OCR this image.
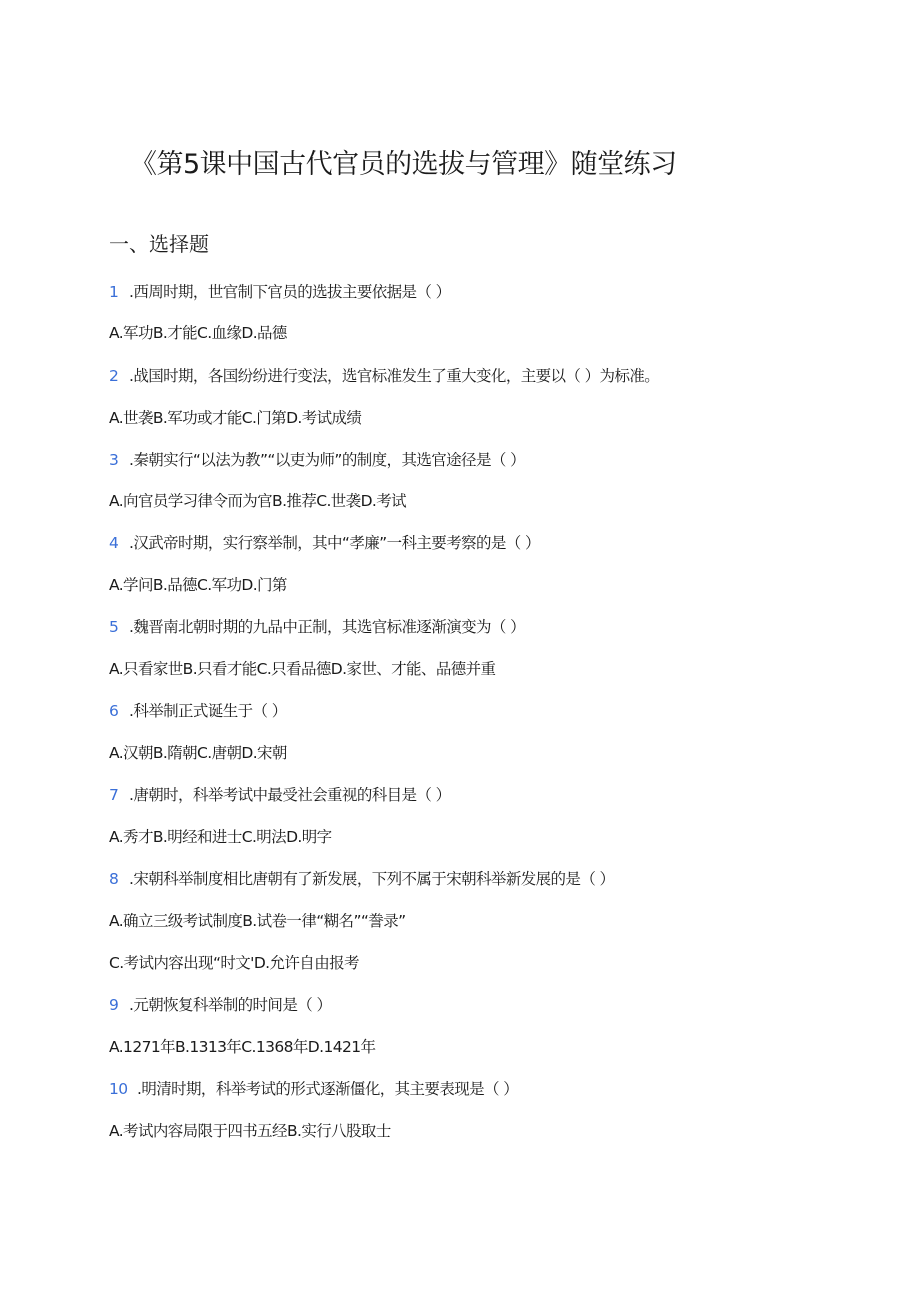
《第5课中国古代官员的选拔与管理》随堂练习
一、选择题
1 .西周时期，世官制下官员的选拔主要依据是（ ）
A.军功B.才能C.血缘D.品德
2 .战国时期，各国纷纷进行变法，选官标准发生了重大变化，主要以（ ）为标准。
A.世袭B.军功或才能C.门第D.考试成绩
3 .秦朝实行“以法为教”“以吏为师”的制度，其选官途径是（ ）
A.向官员学习律令而为官B.推荐C.世袭D.考试
4 .汉武帝时期，实行察举制，其中“孝廉”一科主要考察的是（ ）
A.学问B.品德C.军功D.门第
5 .魏晋南北朝时期的九品中正制，其选官标准逐渐演变为（ ）
A.只看家世B.只看才能C.只看品德D.家世、才能、品德并重
6 .科举制正式诞生于（ ）
A.汉朝B.隋朝C.唐朝D.宋朝
7 .唐朝时，科举考试中最受社会重视的科目是（ ）
A.秀才B.明经和进士C.明法D.明字
8 .宋朝科举制度相比唐朝有了新发展，下列不属于宋朝科举新发展的是（ ）
A.确立三级考试制度B.试卷一律“糊名”“誊录”
C.考试内容出现“时文'D.允许自由报考
9 .元朝恢复科举制的时间是（ ）
A.1271年B.1313年C.1368年D.1421年
10 .明清时期，科举考试的形式逐渐僵化，其主要表现是（ ）
A.考试内容局限于四书五经B.实行八股取士
